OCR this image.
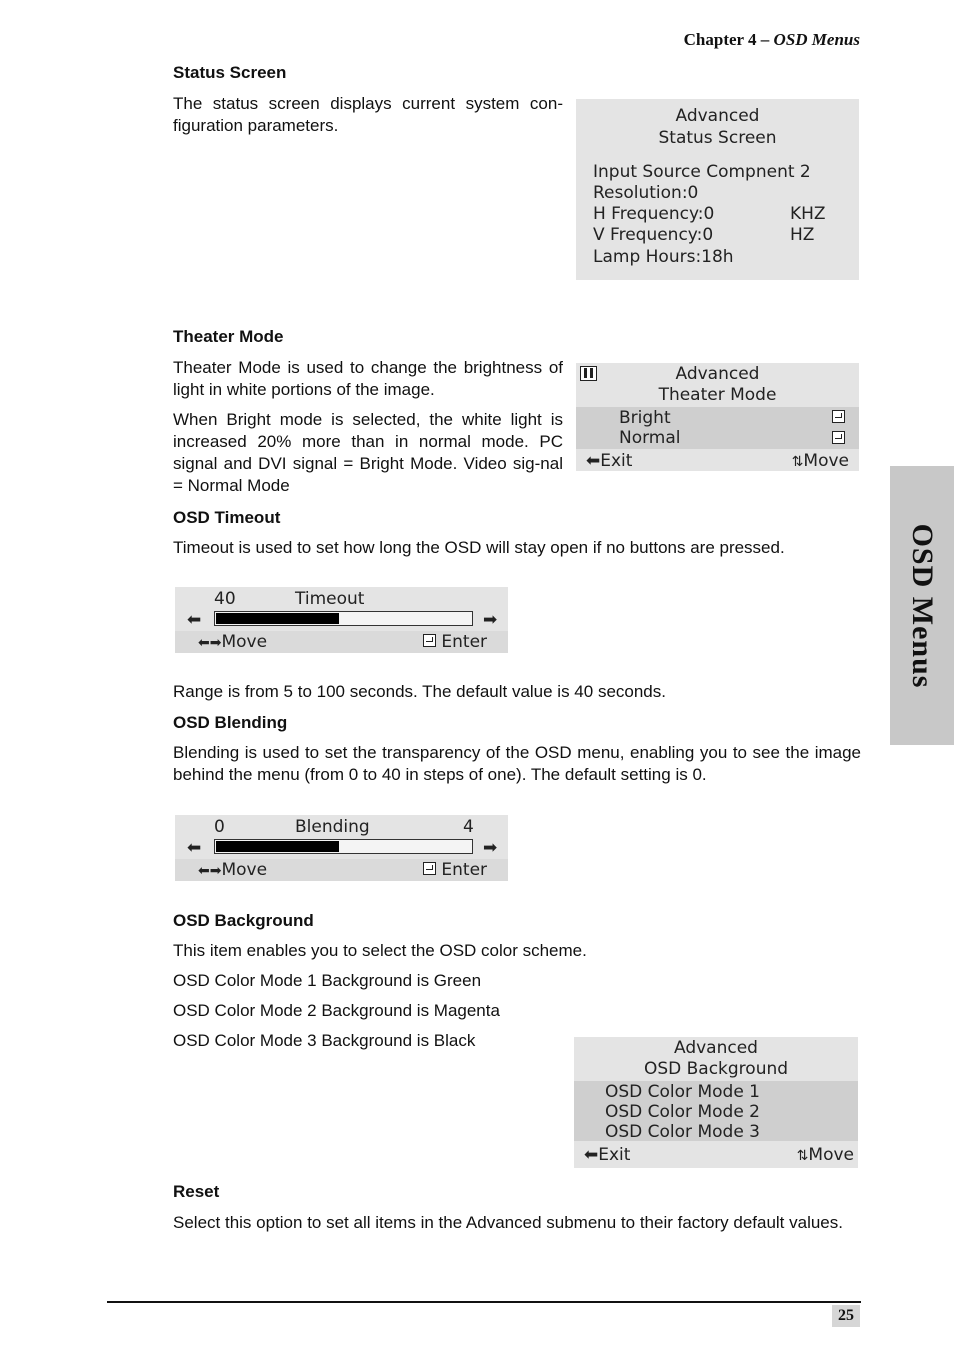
Chapter 4 – OSD Menus
OSD Menus
Status Screen
The status screen displays current system con-figuration parameters.	Advanced
Status Screen
Input Source Compnent 2
Resolution:0
H Frequency:0	KHZ
V Frequency:0	HZ
Lamp Hours:18h
Theater Mode
Theater Mode is used to change the brightness of light in white portions of the image.
When Bright mode is selected, the white light is increased 20% more than in normal mode. PC signal and DVI signal = Bright Mode. Video sig-nal = Normal Mode
Advanced
Theater Mode
Bright
Normal
⬅Exit	⇅Move
OSD Timeout
Timeout is used to set how long the OSD will stay open if no buttons are pressed.
40	Timeout
⬅	➡
⬅➡Move	Enter
Range is from 5 to 100 seconds. The default value is 40 seconds.
OSD Blending
Blending is used to set the transparency of the OSD menu, enabling you to see the image behind the menu (from 0 to 40 in steps of one). The default setting is 0.
0	Blending	4
⬅	➡
⬅➡Move	Enter
OSD Background
This item enables you to select the OSD color scheme.
OSD Color Mode 1 Background is Green
OSD Color Mode 2 Background is Magenta
OSD Color Mode 3 Background is Black	Advanced
OSD Background
OSD Color Mode 1
OSD Color Mode 2
OSD Color Mode 3
⬅Exit	⇅Move
Reset
Select this option to set all items in the Advanced submenu to their factory default values.
25
